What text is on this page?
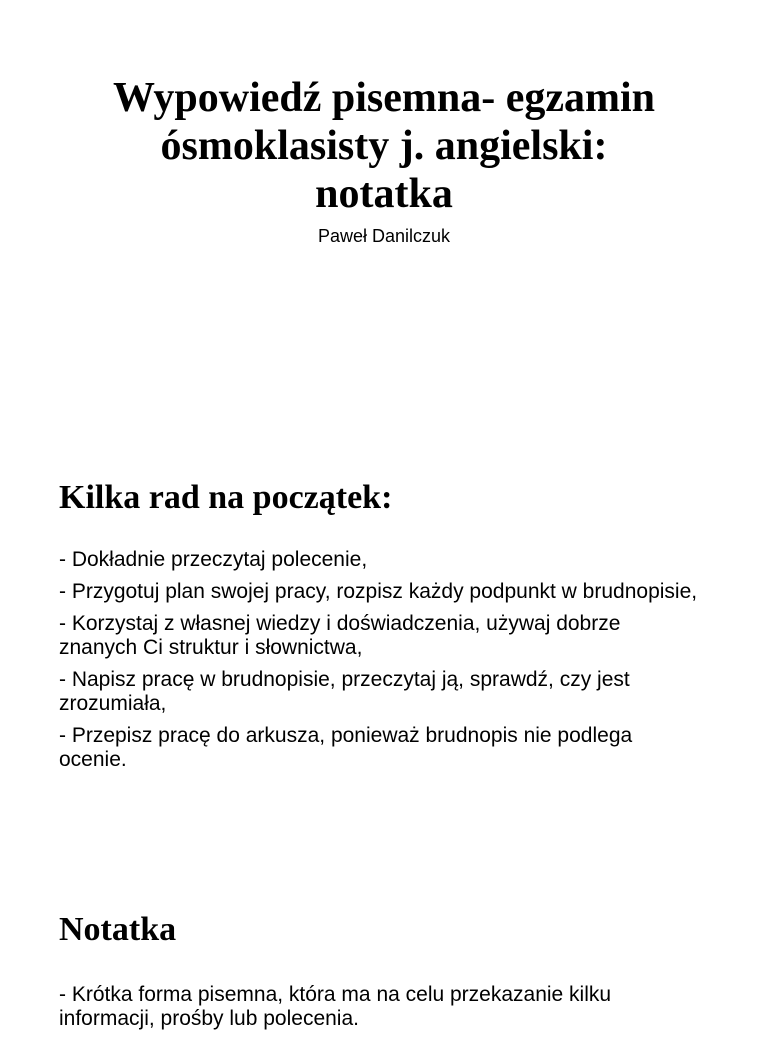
Wypowiedź pisemna- egzamin ósmoklasisty j. angielski: notatka
Paweł Danilczuk
Kilka rad na początek:
- Dokładnie przeczytaj polecenie,
- Przygotuj plan swojej pracy, rozpisz każdy podpunkt w brudnopisie,
- Korzystaj z własnej wiedzy i doświadczenia, używaj dobrze znanych Ci struktur i słownictwa,
- Napisz pracę w brudnopisie, przeczytaj ją, sprawdź, czy jest zrozumiała,
- Przepisz pracę do arkusza, ponieważ brudnopis nie podlega ocenie.
Notatka
- Krótka forma pisemna, która ma na celu przekazanie kilku informacji, prośby lub polecenia.
